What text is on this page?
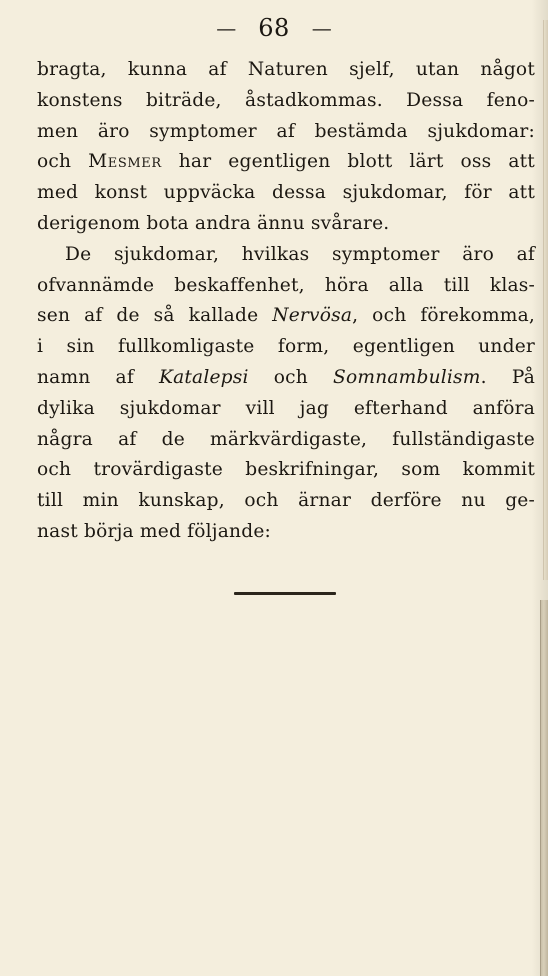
— 68 —
bragta, kunna af Naturen sjelf, utan något
konstens biträde, åstadkommas. Dessa feno-
men äro symptomer af bestämda sjukdomar:
och Mesmer har egentligen blott lärt oss att
med konst uppväcka dessa sjukdomar, för att
derigenom bota andra ännu svårare.
De sjukdomar, hvilkas symptomer äro af
ofvannämde beskaffenhet, höra alla till klas-
sen af de så kallade Nervösa, och förekomma,
i sin fullkomligaste form, egentligen under
namn af Katalepsi och Somnambulism. På
dylika sjukdomar vill jag efterhand anföra
några af de märkvärdigaste, fullständigaste
och trovärdigaste beskrifningar, som kommit
till min kunskap, och ärnar derföre nu ge-
nast börja med följande:
